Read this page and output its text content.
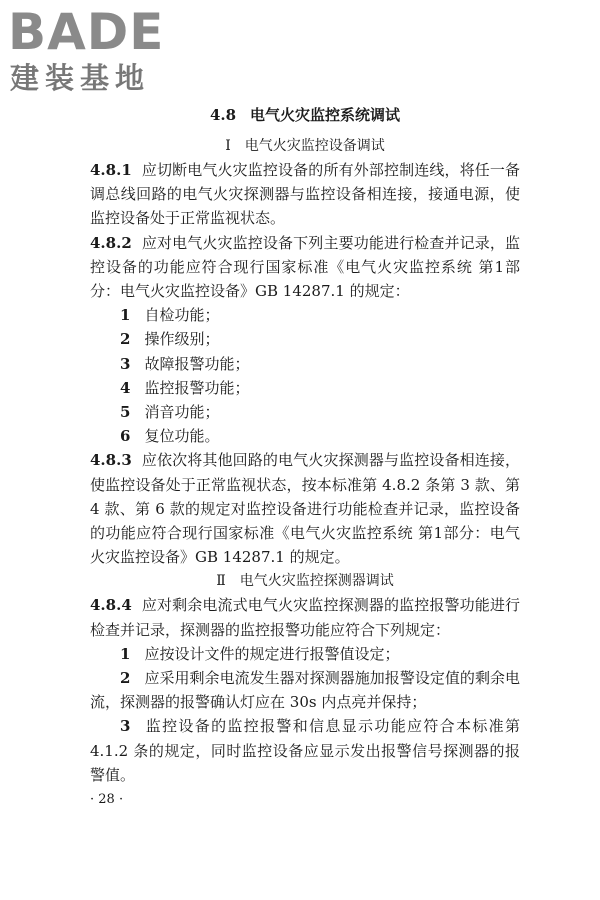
BADE
建装基地
4.8 电气火灾监控系统调试
Ⅰ 电气火灾监控设备调试

4.8.1 应切断电气火灾监控设备的所有外部控制连线，将任一备调总线回路的电气火灾探测器与监控设备相连接，接通电源，使监控设备处于正常监视状态。

4.8.2 应对电气火灾监控设备下列主要功能进行检查并记录，监控设备的功能应符合现行国家标准《电气火灾监控系统 第1部分：电气火灾监控设备》GB 14287.1 的规定：

1 自检功能；

2 操作级别；

3 故障报警功能；

4 监控报警功能；

5 消音功能；

6 复位功能。

4.8.3 应依次将其他回路的电气火灾探测器与监控设备相连接，使监控设备处于正常监视状态，按本标准第 4.8.2 条第 3 款、第 4 款、第 6 款的规定对监控设备进行功能检查并记录，监控设备的功能应符合现行国家标准《电气火灾监控系统 第1部分：电气火灾监控设备》GB 14287.1 的规定。

Ⅱ 电气火灾监控探测器调试

4.8.4 应对剩余电流式电气火灾监控探测器的监控报警功能进行检查并记录，探测器的监控报警功能应符合下列规定：

1 应按设计文件的规定进行报警值设定；

2 应采用剩余电流发生器对探测器施加报警设定值的剩余电流，探测器的报警确认灯应在 30s 内点亮并保持；

3 监控设备的监控报警和信息显示功能应符合本标准第 4.1.2 条的规定，同时监控设备应显示发出报警信号探测器的报警值。

· 28 ·
